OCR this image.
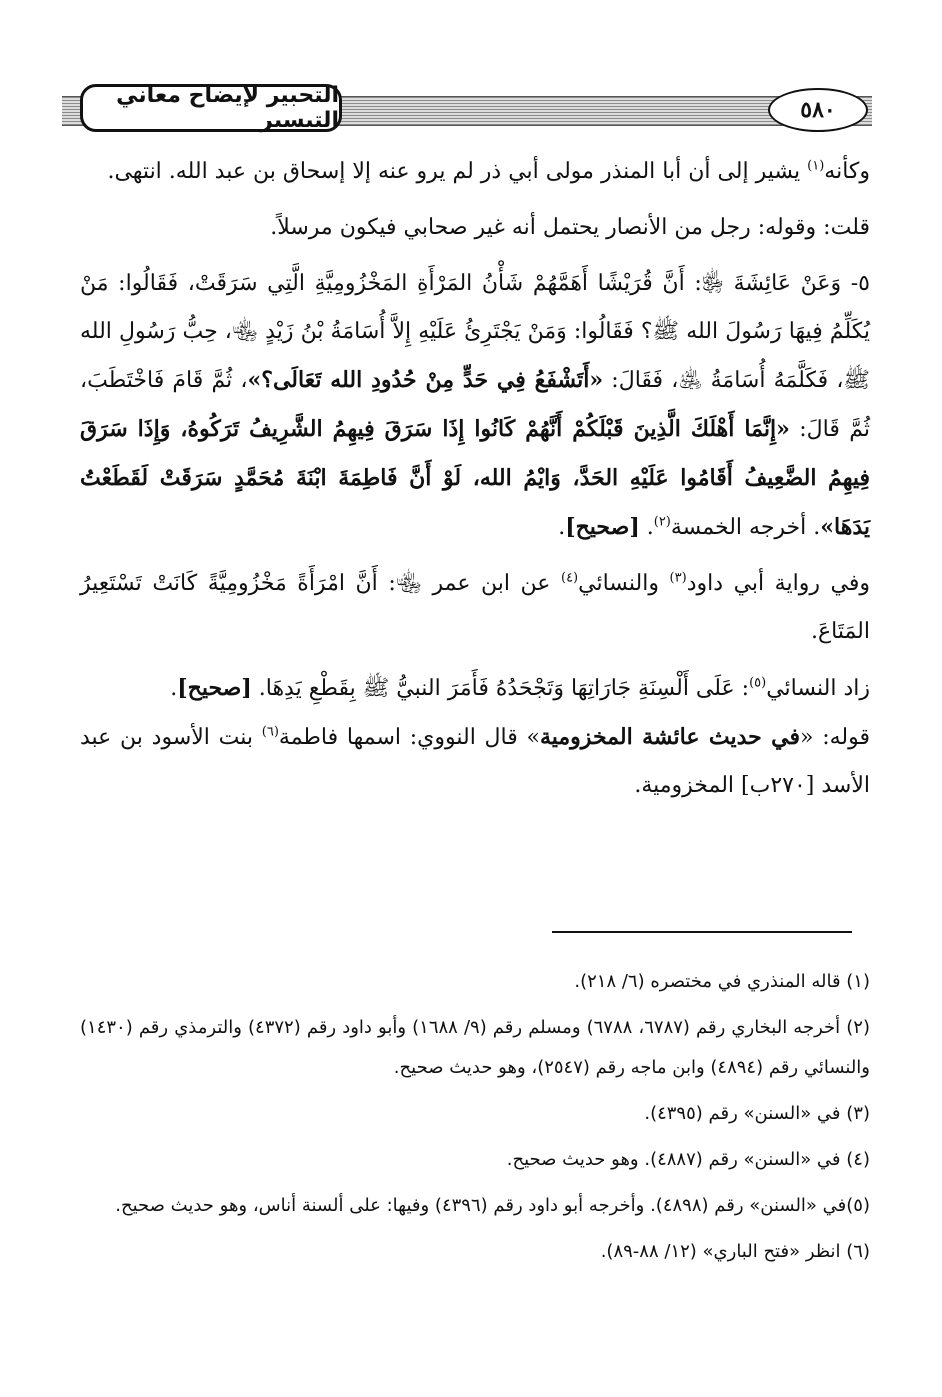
التحبير لإيضاح معاني التيسير	٥٨٠

وكأنه$^{(١)}$ يشير إلى أن أبا المنذر مولى أبي ذر لم يرو عنه إلا إسحاق بن عبد الله. انتهى.

قلت: وقوله: رجل من الأنصار يحتمل أنه غير صحابي فيكون مرسلاً.

٥- وَعَنْ عَائِشَةَ ﵂: أَنَّ قُرَيْشًا أَهَمَّهُمْ شَأْنُ المَرْأَةِ المَخْزُومِيَّةِ الَّتِي سَرَقَتْ، فَقَالُوا: مَنْ يُكَلِّمُ فِيهَا رَسُولَ الله ﷺ؟ فَقَالُوا: وَمَنْ يَجْتَرِئُ عَلَيْهِ إِلاَّ أُسَامَةُ بْنُ زَيْدٍ ﵄، حِبُّ رَسُولِ الله ﷺ، فَكَلَّمَهُ أُسَامَةُ ﵁، فَقَالَ: «أَتَشْفَعُ فِي حَدٍّ مِنْ حُدُودِ الله تَعَالَى؟»، ثُمَّ قَامَ فَاخْتَطَبَ، ثُمَّ قَالَ: «إِنَّمَا أَهْلَكَ الَّذِينَ قَبْلَكُمْ أَنَّهُمْ كَانُوا إِذَا سَرَقَ فِيهِمُ الشَّرِيفُ تَرَكُوهُ، وَإِذَا سَرَقَ فِيهِمُ الضَّعِيفُ أَقَامُوا عَلَيْهِ الحَدَّ، وَايْمُ الله، لَوْ أَنَّ فَاطِمَةَ ابْنَةَ مُحَمَّدٍ سَرَقَتْ لَقَطَعْتُ يَدَهَا». أخرجه الخمسة$^{(٢)}$. [صحيح].

وفي رواية أبي داود$^{(٣)}$ والنسائي$^{(٤)}$ عن ابن عمر ﵄: أَنَّ امْرَأَةً مَخْزُومِيَّةً كَانَتْ تَسْتَعِيرُ المَتَاعَ.

زاد النسائي$^{(٥)}$: عَلَى أَلْسِنَةِ جَارَاتِهَا وَتَجْحَدُهُ فَأَمَرَ النبيُّ ﷺ بِقَطْعِ يَدِهَا. [صحيح].

قوله: «في حديث عائشة المخزومية» قال النووي: اسمها فاطمة$^{(٦)}$ بنت الأسود بن عبد الأسد [٢٧٠ب] المخزومية.

(١) قاله المنذري في مختصره (٦/ ٢١٨).

(٢) أخرجه البخاري رقم (٦٧٨٧، ٦٧٨٨) ومسلم رقم (٩/ ١٦٨٨) وأبو داود رقم (٤٣٧٢) والترمذي رقم (١٤٣٠) والنسائي رقم (٤٨٩٤) وابن ماجه رقم (٢٥٤٧)، وهو حديث صحيح.

(٣) في «السنن» رقم (٤٣٩٥).

(٤) في «السنن» رقم (٤٨٨٧). وهو حديث صحيح.

(٥)في «السنن» رقم (٤٨٩٨). وأخرجه أبو داود رقم (٤٣٩٦) وفيها: على ألسنة أناس، وهو حديث صحيح.

(٦) انظر «فتح الباري» (١٢/ ٨٨-٨٩).
